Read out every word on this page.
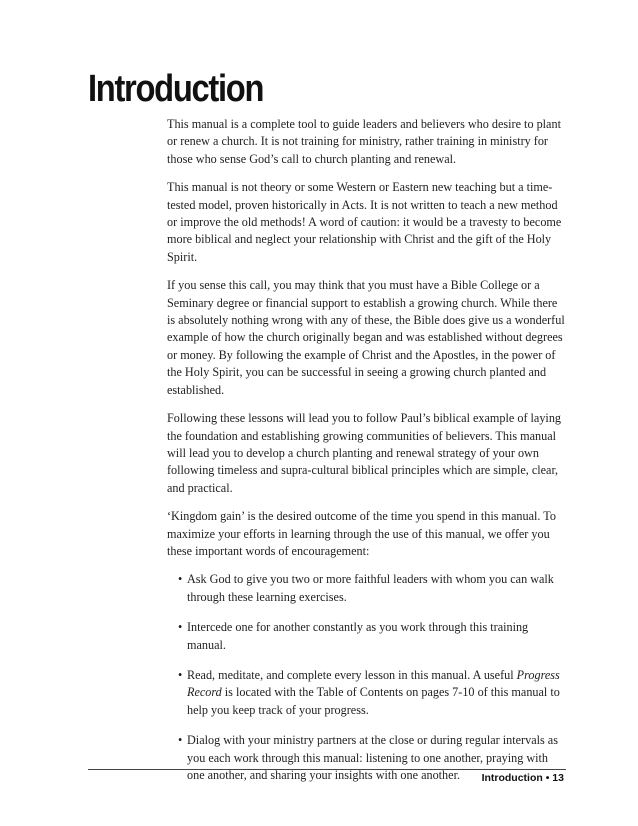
Introduction

This manual is a complete tool to guide leaders and believers who desire to plant or renew a church. It is not training for ministry, rather training in ministry for those who sense God’s call to church planting and renewal.

This manual is not theory or some Western or Eastern new teaching but a time-tested model, proven historically in Acts. It is not written to teach a new method or improve the old methods! A word of caution: it would be a travesty to become more biblical and neglect your relationship with Christ and the gift of the Holy Spirit.

If you sense this call, you may think that you must have a Bible College or a Seminary degree or financial support to establish a growing church. While there is absolutely nothing wrong with any of these, the Bible does give us a wonderful example of how the church originally began and was established without degrees or money. By following the example of Christ and the Apostles, in the power of the Holy Spirit, you can be successful in seeing a growing church planted and established.

Following these lessons will lead you to follow Paul’s biblical example of laying the foundation and establishing growing communities of believers. This manual will lead you to develop a church planting and renewal strategy of your own following timeless and supra-cultural biblical principles which are simple, clear, and practical.

‘Kingdom gain’ is the desired outcome of the time you spend in this manual. To maximize your efforts in learning through the use of this manual, we offer you these important words of encouragement:

• Ask God to give you two or more faithful leaders with whom you can walk through these learning exercises.
• Intercede one for another constantly as you work through this training manual.
• Read, meditate, and complete every lesson in this manual. A useful Progress Record is located with the Table of Contents on pages 7-10 of this manual to help you keep track of your progress.
• Dialog with your ministry partners at the close or during regular intervals as you each work through this manual: listening to one another, praying with one another, and sharing your insights with one another.	Introduction • 13
